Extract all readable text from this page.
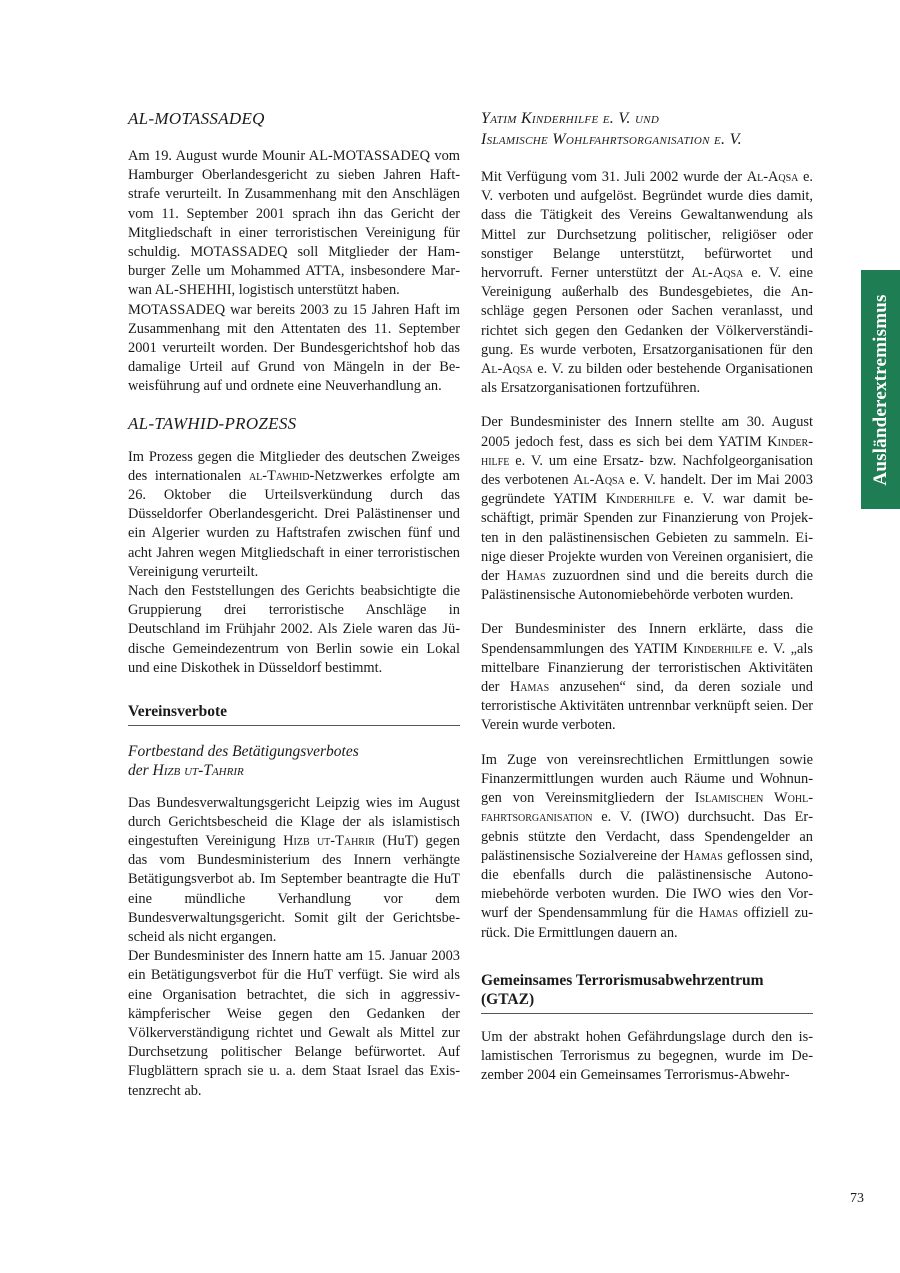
AL-MOTASSADEQ

Am 19. August wurde Mounir AL-MOTASSADEQ vom Hamburger Oberlandesgericht zu sieben Jahren Haftstrafe verurteilt. In Zusammenhang mit den Anschlägen vom 11. September 2001 sprach ihn das Gericht der Mitgliedschaft in einer terroristischen Vereinigung für schuldig. MOTASSADEQ soll Mitglieder der Hamburger Zelle um Mohammed ATTA, insbesondere Marwan AL-SHEHHI, logistisch unterstützt haben.

MOTASSADEQ war bereits 2003 zu 15 Jahren Haft im Zusammenhang mit den Attentaten des 11. September 2001 verurteilt worden. Der Bundesgerichtshof hob das damalige Urteil auf Grund von Mängeln in der Beweisführung auf und ordnete eine Neuverhandlung an.

AL-TAWHID-PROZESS

Im Prozess gegen die Mitglieder des deutschen Zweiges des internationalen al-Tawhid-Netzwerkes erfolgte am 26. Oktober die Urteilsverkündung durch das Düsseldorfer Oberlandesgericht. Drei Palästinenser und ein Algerier wurden zu Haftstrafen zwischen fünf und acht Jahren wegen Mitgliedschaft in einer terroristischen Vereinigung verurteilt.

Nach den Feststellungen des Gerichts beabsichtigte die Gruppierung drei terroristische Anschläge in Deutschland im Frühjahr 2002. Als Ziele waren das Jüdische Gemeindezentrum von Berlin sowie ein Lokal und eine Diskothek in Düsseldorf bestimmt.

Vereinsverbote
Fortbestand des Betätigungsverbotes
der Hizb ut-Tahrir

Das Bundesverwaltungsgericht Leipzig wies im August durch Gerichtsbescheid die Klage der als islamistisch eingestuften Vereinigung Hizb ut-Tahrir (HuT) gegen das vom Bundesministerium des Innern verhängte Betätigungsverbot ab. Im September beantragte die HuT eine mündliche Verhandlung vor dem Bundesverwaltungsgericht. Somit gilt der Gerichtsbescheid als nicht ergangen.

Der Bundesminister des Innern hatte am 15. Januar 2003 ein Betätigungsverbot für die HuT verfügt. Sie wird als eine Organisation betrachtet, die sich in aggressiv-kämpferischer Weise gegen den Gedanken der Völkerverständigung richtet und Gewalt als Mittel zur Durchsetzung politischer Belange befürwortet. Auf Flugblättern sprach sie u. a. dem Staat Israel das Existenzrecht ab.

Yatim Kinderhilfe e. V. und
Islamische Wohlfahrtsorganisation e. V.

Mit Verfügung vom 31. Juli 2002 wurde der Al-Aqsa e. V. verboten und aufgelöst. Begründet wurde dies damit, dass die Tätigkeit des Vereins Gewaltanwendung als Mittel zur Durchsetzung politischer, religiöser oder sonstiger Belange unterstützt, befürwortet und hervorruft. Ferner unterstützt der Al-Aqsa e. V. eine Vereinigung außerhalb des Bundesgebietes, die Anschläge gegen Personen oder Sachen veranlasst, und richtet sich gegen den Gedanken der Völkerverständigung. Es wurde verboten, Ersatzorganisationen für den Al-Aqsa e. V. zu bilden oder bestehende Organisationen als Ersatzorganisationen fortzuführen.

Der Bundesminister des Innern stellte am 30. August 2005 jedoch fest, dass es sich bei dem YATIM Kinderhilfe e. V. um eine Ersatz- bzw. Nachfolgeorganisation des verbotenen Al-Aqsa e. V. handelt. Der im Mai 2003 gegründete YATIM Kinderhilfe e. V. war damit beschäftigt, primär Spenden zur Finanzierung von Projekten in den palästinensischen Gebieten zu sammeln. Einige dieser Projekte wurden von Vereinen organisiert, die der Hamas zuzuordnen sind und die bereits durch die Palästinensische Autonomiebehörde verboten wurden.

Der Bundesminister des Innern erklärte, dass die Spendensammlungen des YATIM Kinderhilfe e. V. „als mittelbare Finanzierung der terroristischen Aktivitäten der Hamas anzusehen“ sind, da deren soziale und terroristische Aktivitäten untrennbar verknüpft seien. Der Verein wurde verboten.

Im Zuge von vereinsrechtlichen Ermittlungen sowie Finanzermittlungen wurden auch Räume und Wohnungen von Vereinsmitgliedern der Islamischen Wohlfahrtsorganisation e. V. (IWO) durchsucht. Das Ergebnis stützte den Verdacht, dass Spendengelder an palästinensische Sozialvereine der Hamas geflossen sind, die ebenfalls durch die palästinensische Autonomiebehörde verboten wurden. Die IWO wies den Vorwurf der Spendensammlung für die Hamas offiziell zurück. Die Ermittlungen dauern an.

Gemeinsames Terrorismusabwehrzentrum (GTAZ)

Um der abstrakt hohen Gefährdungslage durch den islamistischen Terrorismus zu begegnen, wurde im Dezember 2004 ein Gemeinsames Terrorismus-Abwehr-

Ausländerextremismus
73
